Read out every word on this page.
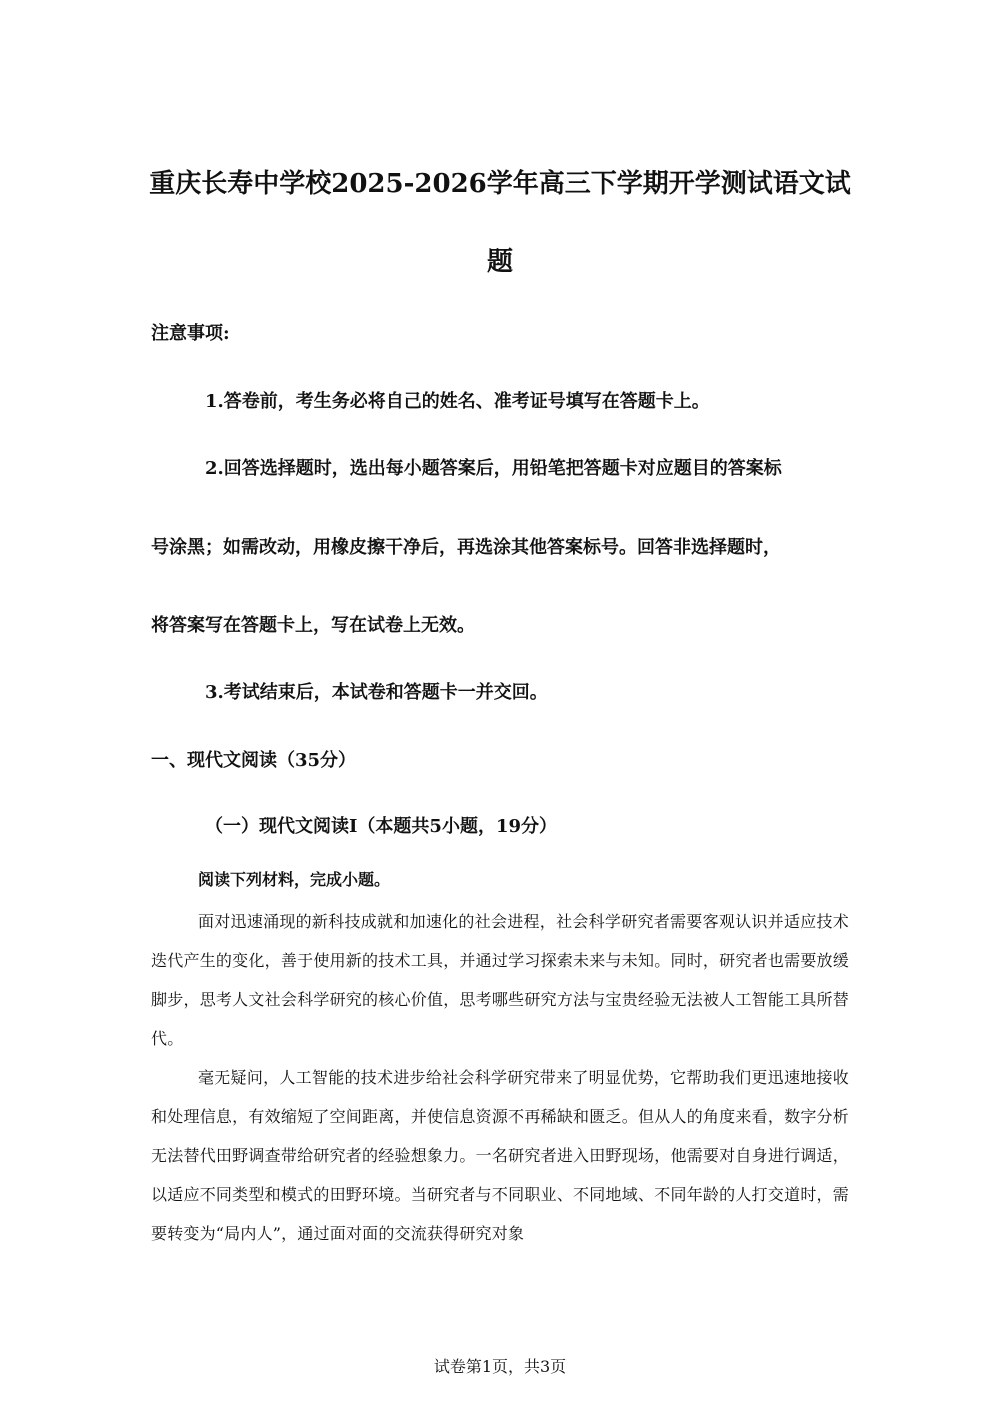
重庆长寿中学校2025-2026学年高三下学期开学测试语文试
题
注意事项:
1.答卷前，考生务必将自己的姓名、准考证号填写在答题卡上。
2.回答选择题时，选出每小题答案后，用铅笔把答题卡对应题目的答案标
号涂黑；如需改动，用橡皮擦干净后，再选涂其他答案标号。回答非选择题时，
将答案写在答题卡上，写在试卷上无效。
3.考试结束后，本试卷和答题卡一并交回。
一、现代文阅读（35分）
（一）现代文阅读I（本题共5小题，19分）
阅读下列材料，完成小题。

面对迅速涌现的新科技成就和加速化的社会进程，社会科学研究者需要客观认识并适应技术迭代产生的变化，善于使用新的技术工具，并通过学习探索未来与未知。同时，研究者也需要放缓脚步，思考人文社会科学研究的核心价值，思考哪些研究方法与宝贵经验无法被人工智能工具所替代。

毫无疑问，人工智能的技术进步给社会科学研究带来了明显优势，它帮助我们更迅速地接收和处理信息，有效缩短了空间距离，并使信息资源不再稀缺和匮乏。但从人的角度来看，数字分析无法替代田野调查带给研究者的经验想象力。一名研究者进入田野现场，他需要对自身进行调适，以适应不同类型和模式的田野环境。当研究者与不同职业、不同地域、不同年龄的人打交道时，需要转变为“局内人”，通过面对面的交流获得研究对象

试卷第1页，共3页
